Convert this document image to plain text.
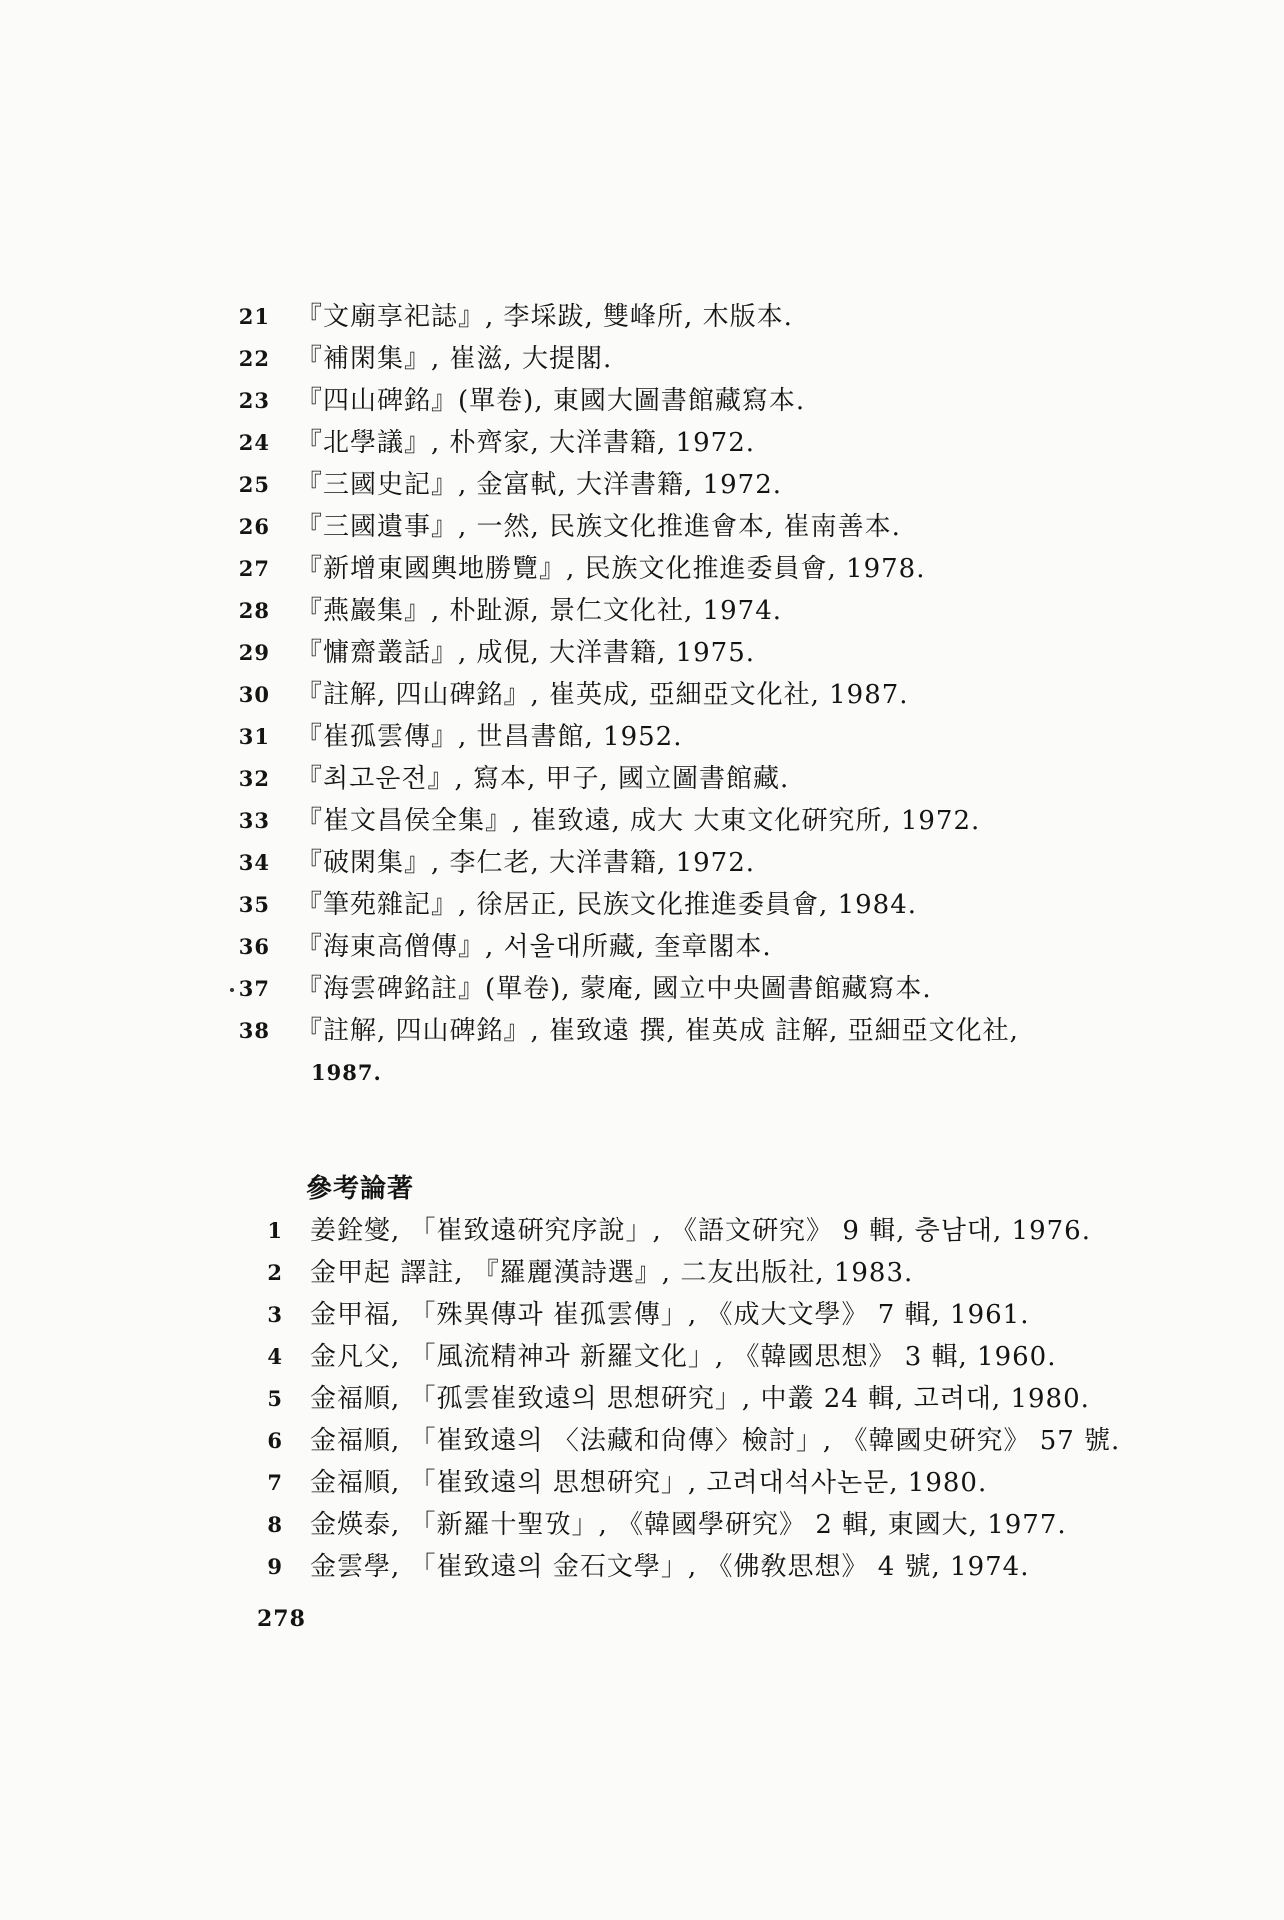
21 『文廟享祀誌』, 李埰跋, 雙峰所, 木版本.
22 『補閑集』, 崔滋, 大提閣.
23 『四山碑銘』(單卷), 東國大圖書館藏寫本.
24 『北學議』, 朴齊家, 大洋書籍, 1972.
25 『三國史記』, 金富軾, 大洋書籍, 1972.
26 『三國遺事』, 一然, 民族文化推進會本, 崔南善本.
27 『新增東國輿地勝覽』, 民族文化推進委員會, 1978.
28 『燕巖集』, 朴趾源, 景仁文化社, 1974.
29 『慵齋叢話』, 成俔, 大洋書籍, 1975.
30 『註解, 四山碑銘』, 崔英成, 亞細亞文化社, 1987.
31 『崔孤雲傳』, 世昌書館, 1952.
32 『최고운전』, 寫本, 甲子, 國立圖書館藏.
33 『崔文昌侯全集』, 崔致遠, 成大 大東文化硏究所, 1972.
34 『破閑集』, 李仁老, 大洋書籍, 1972.
35 『筆苑雜記』, 徐居正, 民族文化推進委員會, 1984.
36 『海東高僧傳』, 서울대所藏, 奎章閣本.
37 『海雲碑銘註』(單卷), 蒙庵, 國立中央圖書館藏寫本.
38 『註解, 四山碑銘』, 崔致遠 撰, 崔英成 註解, 亞細亞文化社,
1987.
參考論著
1 姜銓燮, 「崔致遠硏究序說」, 《語文硏究》 9 輯, 충남대, 1976.
2 金甲起 譯註, 『羅麗漢詩選』, 二友出版社, 1983.
3 金甲福, 「殊異傳과 崔孤雲傳」, 《成大文學》 7 輯, 1961.
4 金凡父, 「風流精神과 新羅文化」, 《韓國思想》 3 輯, 1960.
5 金福順, 「孤雲崔致遠의 思想硏究」, 中叢 24 輯, 고려대, 1980.
6 金福順, 「崔致遠의 〈法藏和尙傳〉檢討」, 《韓國史硏究》 57 號.
7 金福順, 「崔致遠의 思想硏究」, 고려대석사논문, 1980.
8 金煐泰, 「新羅十聖攷」, 《韓國學硏究》 2 輯, 東國大, 1977.
9 金雲學, 「崔致遠의 金石文學」, 《佛敎思想》 4 號, 1974.
278
